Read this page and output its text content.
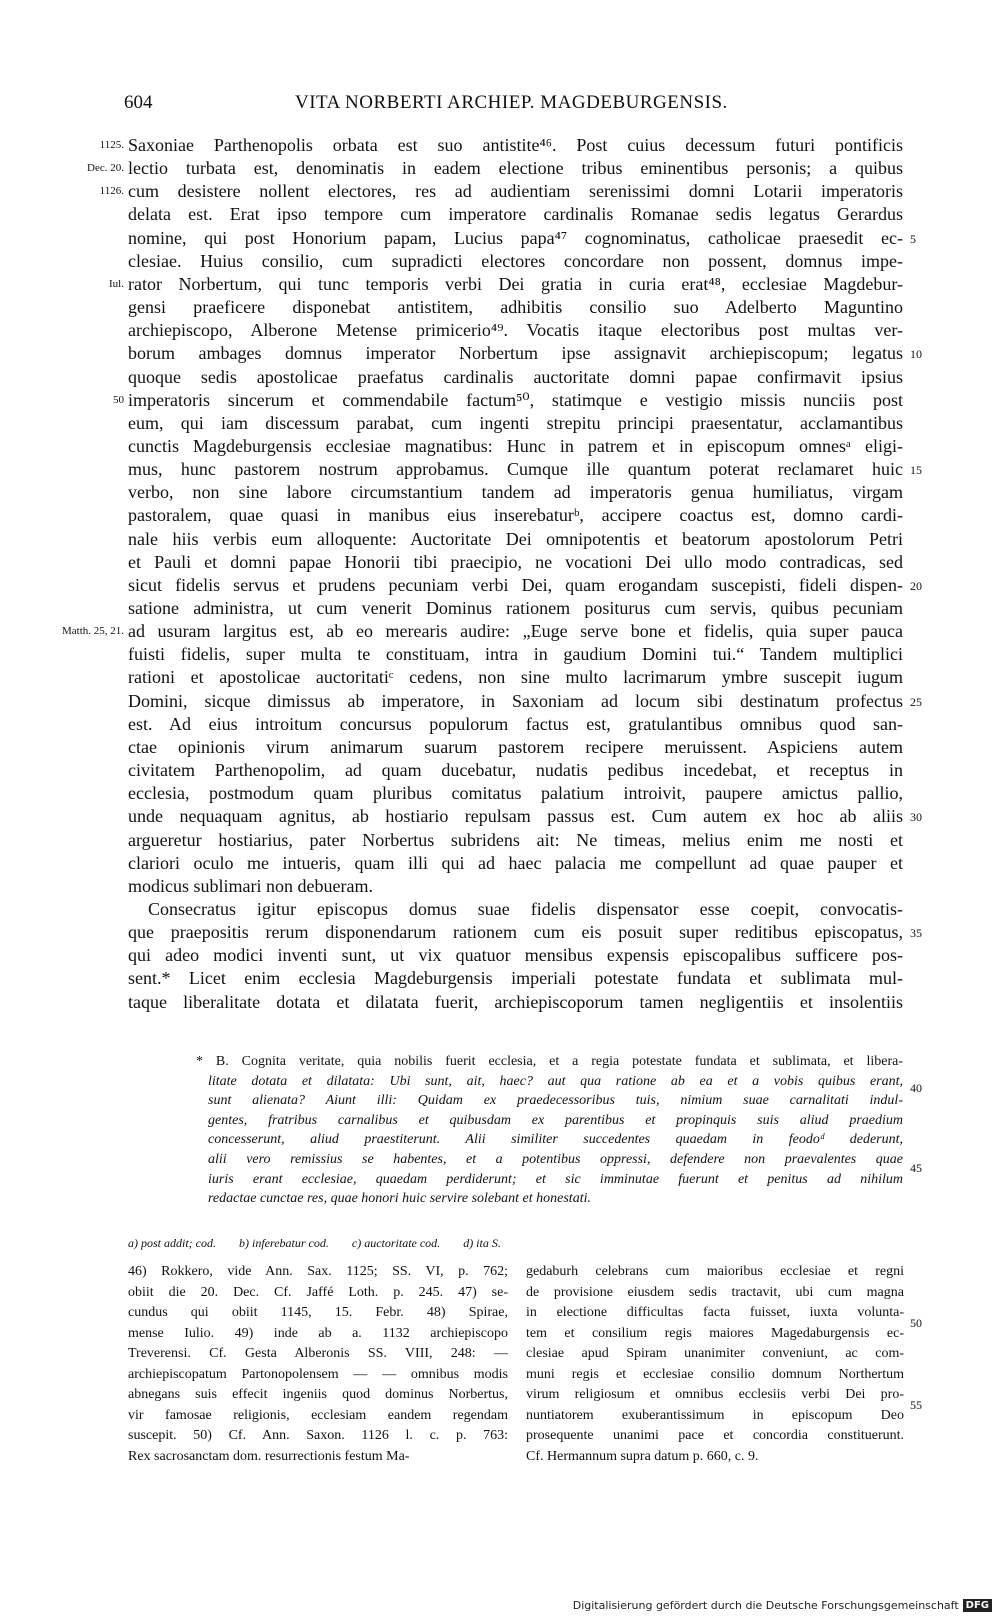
604	VITA NORBERTI ARCHIEP. MAGDEBURGENSIS.
Saxoniae Parthenopolis orbata est suo antistite⁴⁶. Post cuius decessum futuri pontificis
lectio turbata est, denominatis in eadem electione tribus eminentibus personis; a quibus
cum desistere nollent electores, res ad audientiam serenissimi domni Lotarii imperatoris
delata est. Erat ipso tempore cum imperatore cardinalis Romanae sedis legatus Gerardus
nomine, qui post Honorium papam, Lucius papa⁴⁷ cognominatus, catholicae praesedit ec-
clesiae. Huius consilio, cum supradicti electores concordare non possent, domnus impe-
rator Norbertum, qui tunc temporis verbi Dei gratia in curia erat⁴⁸, ecclesiae Magdebur-
gensi praeficere disponebat antistitem, adhibitis consilio suo Adelberto Maguntino
archiepiscopo, Alberone Metense primicerio⁴⁹. Vocatis itaque electoribus post multas ver-
borum ambages domnus imperator Norbertum ipse assignavit archiepiscopum; legatus
quoque sedis apostolicae praefatus cardinalis auctoritate domni papae confirmavit ipsius
imperatoris sincerum et commendabile factum⁵⁰, statimque e vestigio missis nunciis post
eum, qui iam discessum parabat, cum ingenti strepitu principi praesentatur, acclamantibus
cunctis Magdeburgensis ecclesiae magnatibus: Hunc in patrem et in episcopum omnesᵃ eligi-
mus, hunc pastorem nostrum approbamus. Cumque ille quantum poterat reclamaret huic
verbo, non sine labore circumstantium tandem ad imperatoris genua humiliatus, virgam
pastoralem, quae quasi in manibus eius inserebaturᵇ, accipere coactus est, domno cardi-
nale hiis verbis eum alloquente: Auctoritate Dei omnipotentis et beatorum apostolorum Petri
et Pauli et domni papae Honorii tibi praecipio, ne vocationi Dei ullo modo contradicas, sed
sicut fidelis servus et prudens pecuniam verbi Dei, quam erogandam suscepisti, fideli dispen-
satione administra, ut cum venerit Dominus rationem positurus cum servis, quibus pecuniam
ad usuram largitus est, ab eo merearis audire: „Euge serve bone et fidelis, quia super pauca
fuisti fidelis, super multa te constituam, intra in gaudium Domini tui.“ Tandem multiplici
rationi et apostolicae auctoritatiᶜ cedens, non sine multo lacrimarum ymbre suscepit iugum
Domini, sicque dimissus ab imperatore, in Saxoniam ad locum sibi destinatum profectus
est. Ad eius introitum concursus populorum factus est, gratulantibus omnibus quod san-
ctae opinionis virum animarum suarum pastorem recipere meruissent. Aspiciens autem
civitatem Parthenopolim, ad quam ducebatur, nudatis pedibus incedebat, et receptus in
ecclesia, postmodum quam pluribus comitatus palatium introivit, paupere amictus pallio,
unde nequaquam agnitus, ab hostiario repulsam passus est. Cum autem ex hoc ab aliis
argueretur hostiarius, pater Norbertus subridens ait: Ne timeas, melius enim me nosti et
clariori oculo me intueris, quam illi qui ad haec palacia me compellunt ad quae pauper et
modicus sublimari non debueram.
Consecratus igitur episcopus domus suae fidelis dispensator esse coepit, convocatis-
que praepositis rerum disponendarum rationem cum eis posuit super reditibus episcopatus,
qui adeo modici inventi sunt, ut vix quatuor mensibus expensis episcopalibus sufficere pos-
sent.* Licet enim ecclesia Magdeburgensis imperiali potestate fundata et sublimata mul-
taque liberalitate dotata et dilatata fuerit, archiepiscoporum tamen negligentiis et insolentiis
1125.
Dec. 20.
1126.
Iul.
50
Matth. 25, 21.
5
10
15
20
25
30
35
40
45
50
55
* B. Cognita veritate, quia nobilis fuerit ecclesia, et a regia potestate fundata et sublimata, et libera-
litate dotata et dilatata: Ubi sunt, ait, haec? aut qua ratione ab ea et a vobis quibus erant,
sunt alienata? Aiunt illi: Quidam ex praedecessoribus tuis, nimium suae carnalitati indul-
gentes, fratribus carnalibus et quibusdam ex parentibus et propinquis suis aliud praedium
concesserunt, aliud praestiterunt. Alii similiter succedentes quaedam in feodoᵈ dederunt,
alii vero remissius se habentes, et a potentibus oppressi, defendere non praevalentes quae
iuris erant ecclesiae, quaedam perdiderunt; et sic imminutae fuerunt et penitus ad nihilum
redactae cunctae res, quae honori huic servire solebant et honestati.
a) post addit; cod. b) inferebatur cod. c) auctoritate cod. d) ita S.
46) Rokkero, vide Ann. Sax. 1125; SS. VI, p. 762;
obiit die 20. Dec. Cf. Jaffé Loth. p. 245. 47) se-
cundus qui obiit 1145, 15. Febr. 48) Spirae,
mense Iulio. 49) inde ab a. 1132 archiepiscopo
Treverensi. Cf. Gesta Alberonis SS. VIII, 248: —
archiepiscopatum Partonopolensem — — omnibus modis
abnegans suis effecit ingeniis quod dominus Norbertus,
vir famosae religionis, ecclesiam eandem regendam
suscepit. 50) Cf. Ann. Saxon. 1126 l. c. p. 763:
Rex sacrosanctam dom. resurrectionis festum Ma-
gedaburh celebrans cum maioribus ecclesiae et regni
de provisione eiusdem sedis tractavit, ubi cum magna
in electione difficultas facta fuisset, iuxta volunta-
tem et consilium regis maiores Magedaburgensis ec-
clesiae apud Spiram unanimiter conveniunt, ac com-
muni regis et ecclesiae consilio domnum Northertum
virum religiosum et omnibus ecclesiis verbi Dei pro-
nuntiatorem exuberantissimum in episcopum Deo
prosequente unanimi pace et concordia constituerunt.
Cf. Hermannum supra datum p. 660, c. 9.
Digitalisierung gefördert durch die Deutsche Forschungsgemeinschaft DFG
